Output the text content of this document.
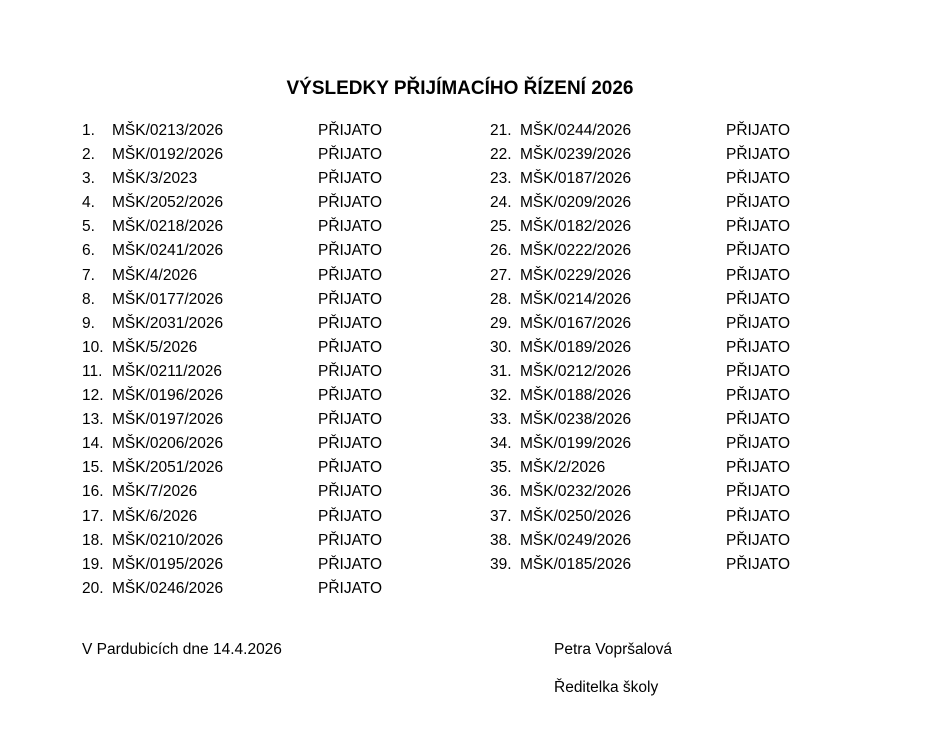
VÝSLEDKY PŘIJÍMACÍHO ŘÍZENÍ 2026
1. MŠK/0213/2026	PŘIJATO
2. MŠK/0192/2026	PŘIJATO
3. MŠK/3/2023	PŘIJATO
4. MŠK/2052/2026	PŘIJATO
5. MŠK/0218/2026	PŘIJATO
6. MŠK/0241/2026	PŘIJATO
7. MŠK/4/2026	PŘIJATO
8. MŠK/0177/2026	PŘIJATO
9. MŠK/2031/2026	PŘIJATO
10. MŠK/5/2026	PŘIJATO
11. MŠK/0211/2026	PŘIJATO
12. MŠK/0196/2026	PŘIJATO
13. MŠK/0197/2026	PŘIJATO
14. MŠK/0206/2026	PŘIJATO
15. MŠK/2051/2026	PŘIJATO
16. MŠK/7/2026	PŘIJATO
17. MŠK/6/2026	PŘIJATO
18. MŠK/0210/2026	PŘIJATO
19. MŠK/0195/2026	PŘIJATO
20. MŠK/0246/2026	PŘIJATO
21. MŠK/0244/2026	PŘIJATO
22. MŠK/0239/2026	PŘIJATO
23. MŠK/0187/2026	PŘIJATO
24. MŠK/0209/2026	PŘIJATO
25. MŠK/0182/2026	PŘIJATO
26. MŠK/0222/2026	PŘIJATO
27. MŠK/0229/2026	PŘIJATO
28. MŠK/0214/2026	PŘIJATO
29. MŠK/0167/2026	PŘIJATO
30. MŠK/0189/2026	PŘIJATO
31. MŠK/0212/2026	PŘIJATO
32. MŠK/0188/2026	PŘIJATO
33. MŠK/0238/2026	PŘIJATO
34. MŠK/0199/2026	PŘIJATO
35. MŠK/2/2026	PŘIJATO
36. MŠK/0232/2026	PŘIJATO
37. MŠK/0250/2026	PŘIJATO
38. MŠK/0249/2026	PŘIJATO
39. MŠK/0185/2026	PŘIJATO
V Pardubicích dne 14.4.2026	Petra Vopršalová
Ředitelka školy
